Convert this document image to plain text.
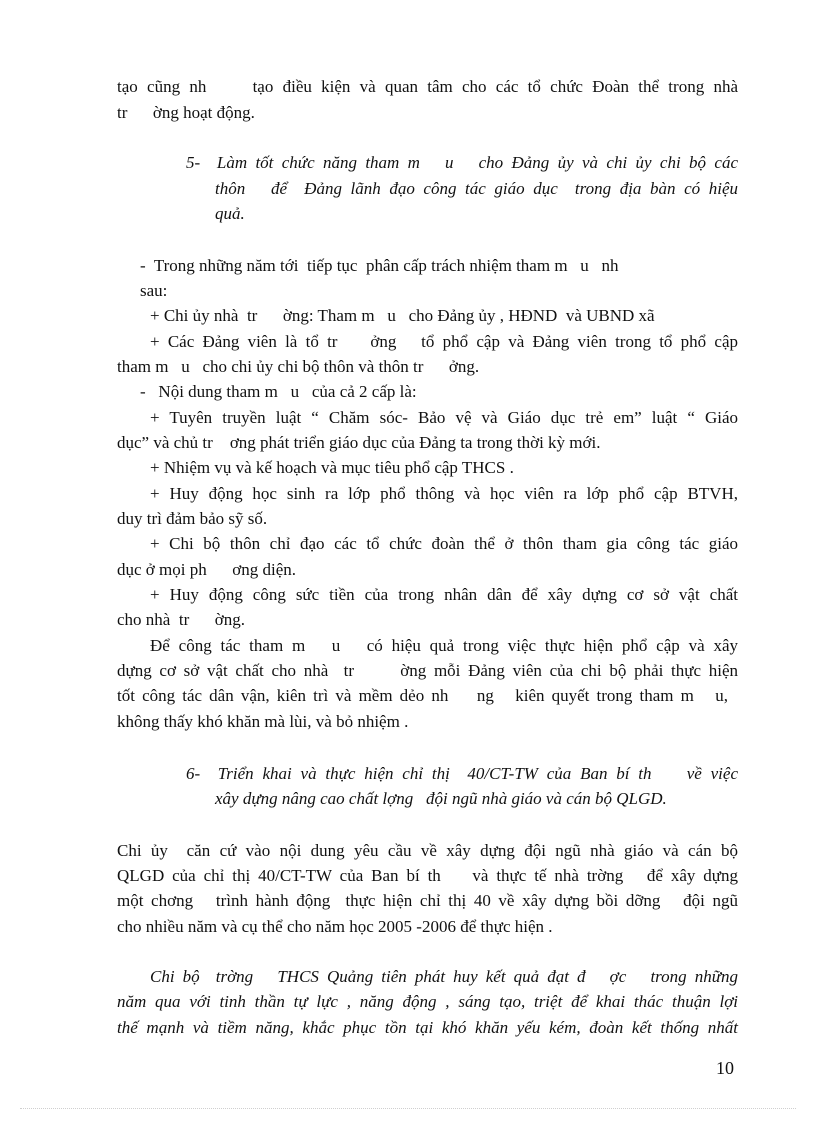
tạo cũng nh     tạo điều kiện và quan tâm cho các tổ chức Đoàn thể trong nhà
tr      ờng hoạt động.
5-  Làm tốt chức năng tham m   u   cho Đảng ủy và chi ủy chi bộ các
thôn   để  Đảng lãnh đạo công tác giáo dục  trong địa bàn có hiệu
quả.
-  Trong những năm tới  tiếp tục  phân cấp trách nhiệm tham m   u   nh
sau:
+ Chi ủy nhà  tr      ờng: Tham m   u   cho Đảng ủy , HĐND  và UBND xã
+ Các Đảng viên là tổ tr    ởng   tổ phổ cập và Đảng viên trong tổ phổ cập
tham m   u   cho chi ủy chi bộ thôn và thôn tr      ởng.
-   Nội dung tham m   u   của cả 2 cấp là:
+ Tuyên truyền luật “ Chăm sóc- Bảo vệ và Giáo dục trẻ em” luật “ Giáo
dục” và chủ tr    ơng phát triển giáo dục của Đảng ta trong thời kỳ mới.
+ Nhiệm vụ và kế hoạch và mục tiêu phổ cập THCS .
+ Huy động học sinh ra lớp phổ thông và học viên ra lớp phổ cập BTVH,
duy trì đảm bảo sỹ số.
+ Chi bộ thôn chỉ đạo các tổ chức đoàn thể ở thôn tham gia công tác giáo
dục ở mọi ph      ơng diện.
+ Huy động công sức tiền của trong nhân dân để xây dựng cơ sở vật chất
cho nhà  tr      ờng.
Để công tác tham m   u   có hiệu quả trong việc thực hiện phổ cập và xây
dựng cơ sở vật chất cho nhà  tr      ờng mỗi Đảng viên của chi bộ phải thực hiện
tốt công tác dân vận, kiên trì và mềm dẻo nh    ng   kiên quyết trong tham m   u,
không thấy khó khăn mà lùi, và bỏ nhiệm .
6-  Triển khai và thực hiện chỉ thị  40/CT-TW của Ban bí th    về việc
xây dựng nâng cao chất lợng   đội ngũ nhà giáo và cán bộ QLGD.
Chi ủy  căn cứ vào nội dung yêu cầu về xây dựng đội ngũ nhà giáo và cán bộ
QLGD của chỉ thị 40/CT-TW của Ban bí th    và thực tế nhà trờng   để xây dựng
một chơng   trình hành động  thực hiện chỉ thị 40 về xây dựng bồi dỡng   đội ngũ
cho nhiều năm và cụ thể cho năm học 2005 -2006 để thực hiện .
Chi bộ  trờng   THCS Quảng tiên phát huy kết quả đạt đ   ợc   trong những
năm qua với tinh thần tự lực , năng động , sáng tạo, triệt để khai thác thuận lợi
thế mạnh và tiềm năng, khắc phục tồn tại khó khăn yếu kém, đoàn kết thống nhất
10
